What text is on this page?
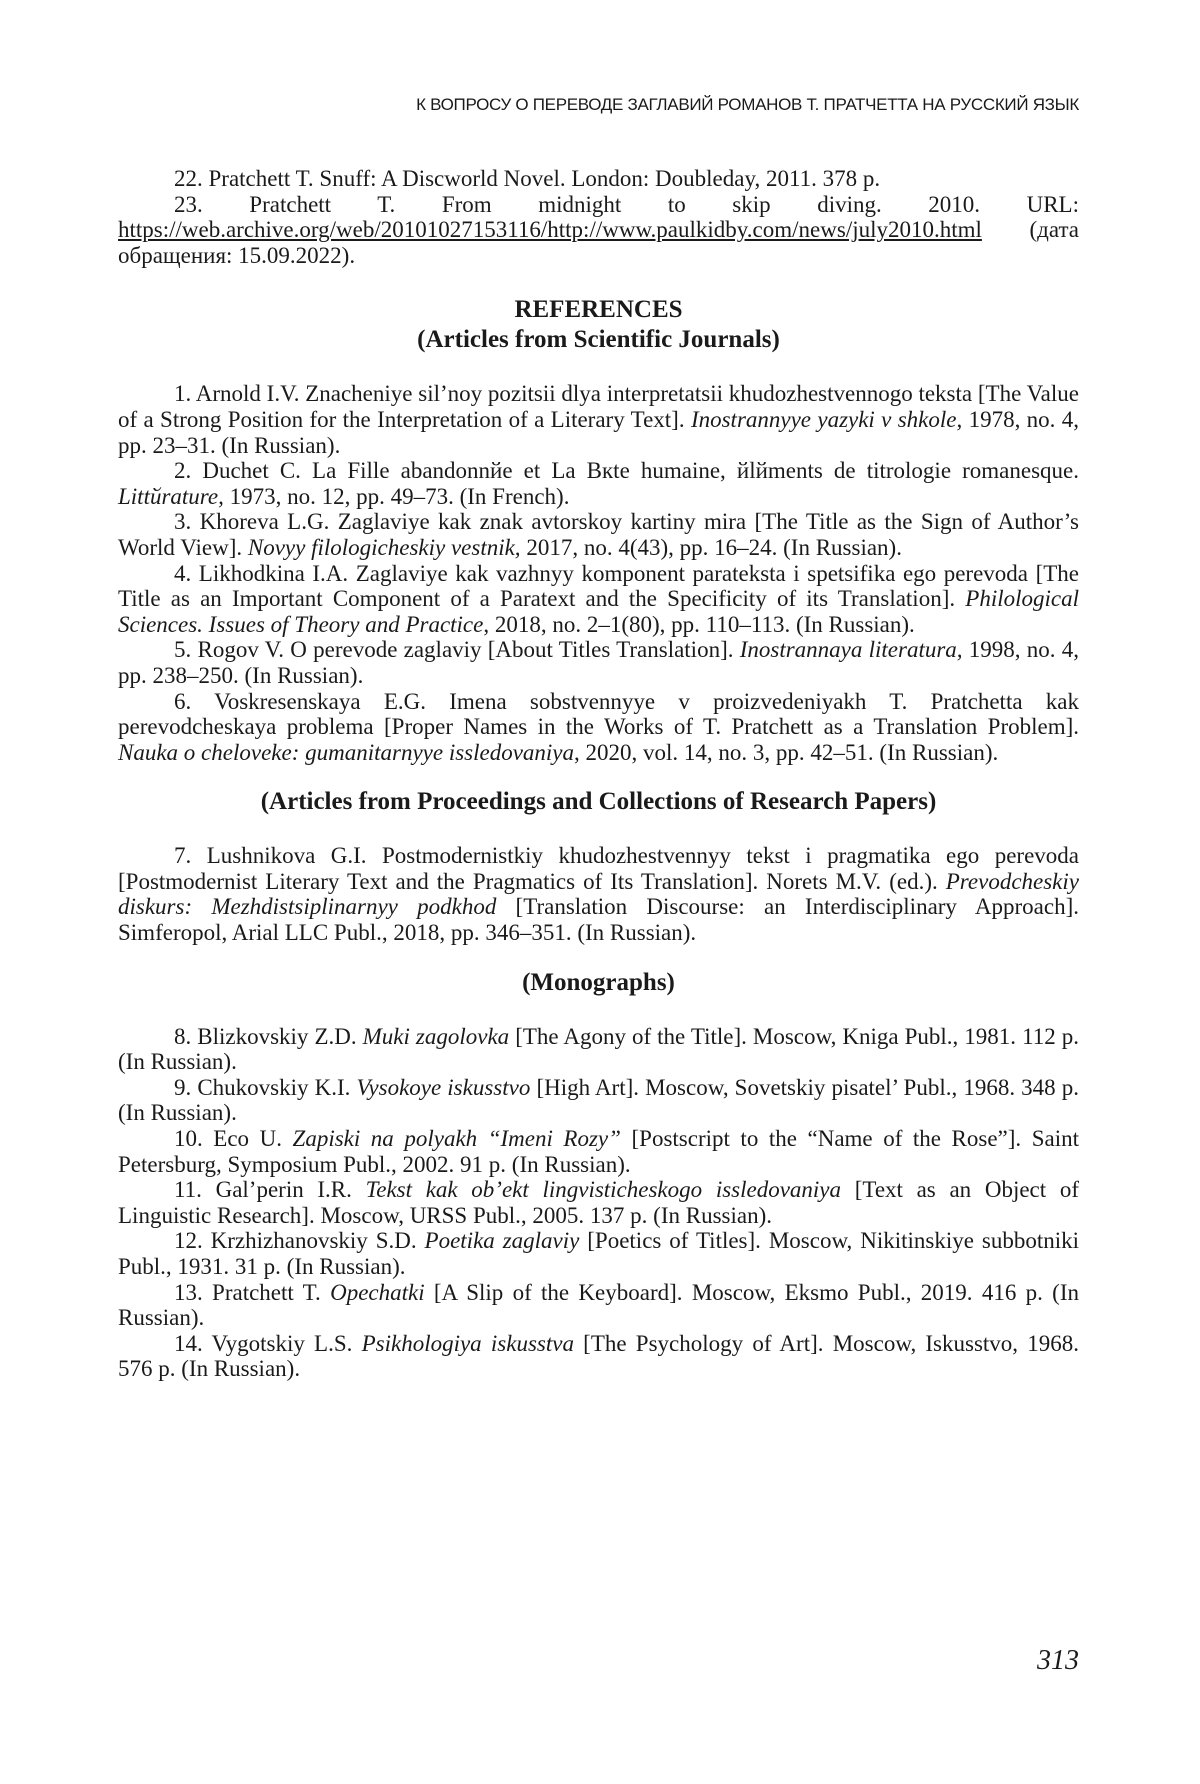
К ВОПРОСУ О ПЕРЕВОДЕ ЗАГЛАВИЙ РОМАНОВ Т. ПРАТЧЕТТА НА РУССКИЙ ЯЗЫК

22. Pratchett T. Snuff: A Discworld Novel. London: Doubleday, 2011. 378 p.

23. Pratchett T. From midnight to skip diving. 2010. URL: https://web.archive.org/web/20101027153116/http://www.paulkidby.com/news/july2010.html (дата обращения: 15.09.2022).

REFERENCES
(Articles from Scientific Journals)

1. Arnold I.V. Znacheniye sil’noy pozitsii dlya interpretatsii khudozhestvennogo teksta [The Value of a Strong Position for the Interpretation of a Literary Text]. Inostrannyye yazyki v shkole, 1978, no. 4, pp. 23–31. (In Russian).

2. Duchet C. La Fille abandonnйe et La Bкte humaine, йlйments de titrologie romanesque. Littйrature, 1973, no. 12, pp. 49–73. (In French).

3. Khoreva L.G. Zaglaviye kak znak avtorskoy kartiny mira [The Title as the Sign of Author’s World View]. Novyy filologicheskiy vestnik, 2017, no. 4(43), pp. 16–24. (In Russian).

4. Likhodkina I.A. Zaglaviye kak vazhnyy komponent parateksta i spetsifika ego perevoda [The Title as an Important Component of a Paratext and the Specificity of its Translation]. Philological Sciences. Issues of Theory and Practice, 2018, no. 2–1(80), pp. 110–113. (In Russian).

5. Rogov V. O perevode zaglaviy [About Titles Translation]. Inostrannaya literatura, 1998, no. 4, pp. 238–250. (In Russian).

6. Voskresenskaya E.G. Imena sobstvennyye v proizvedeniyakh T. Pratchetta kak perevodcheskaya problema [Proper Names in the Works of T. Pratchett as a Translation Problem]. Nauka o cheloveke: gumanitarnyye issledovaniya, 2020, vol. 14, no. 3, pp. 42–51. (In Russian).

(Articles from Proceedings and Collections of Research Papers)

7. Lushnikova G.I. Postmodernistkiy khudozhestvennyy tekst i pragmatika ego perevoda [Postmodernist Literary Text and the Pragmatics of Its Translation]. Norets M.V. (ed.). Prevodcheskiy diskurs: Mezhdistsiplinarnyy podkhod [Translation Discourse: an Interdisciplinary Approach]. Simferopol, Arial LLC Publ., 2018, pp. 346–351. (In Russian).

(Monographs)

8. Blizkovskiy Z.D. Muki zagolovka [The Agony of the Title]. Moscow, Kniga Publ., 1981. 112 p. (In Russian).

9. Chukovskiy K.I. Vysokoye iskusstvo [High Art]. Moscow, Sovetskiy pisatel’ Publ., 1968. 348 p. (In Russian).

10. Eco U. Zapiski na polyakh “Imeni Rozy” [Postscript to the “Name of the Rose”]. Saint Petersburg, Symposium Publ., 2002. 91 p. (In Russian).

11. Gal’perin I.R. Tekst kak ob’ekt lingvisticheskogo issledovaniya [Text as an Object of Linguistic Research]. Moscow, URSS Publ., 2005. 137 p. (In Russian).

12. Krzhizhanovskiy S.D. Poetika zaglaviy [Poetics of Titles]. Moscow, Nikitinskiye subbotniki Publ., 1931. 31 p. (In Russian).

13. Pratchett T. Opechatki [A Slip of the Keyboard]. Moscow, Eksmo Publ., 2019. 416 p. (In Russian).

14. Vygotskiy L.S. Psikhologiya iskusstva [The Psychology of Art]. Moscow, Iskusstvo, 1968. 576 p. (In Russian).

313
